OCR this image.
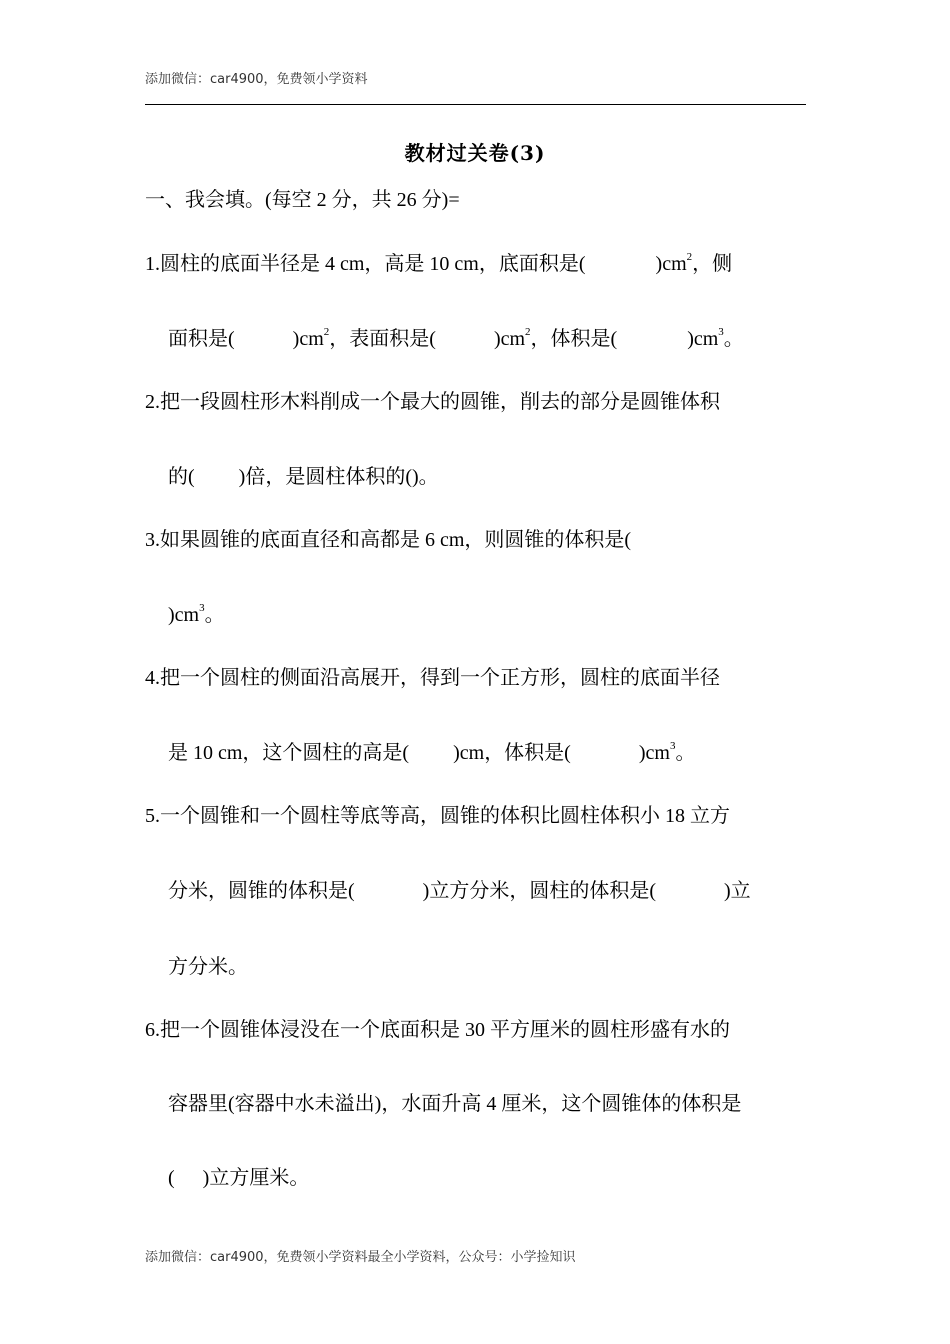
添加微信：car4900，免费领小学资料
教材过关卷(3)
一、我会填。(每空 2 分，共 26 分)=
1.圆柱的底面半径是 4 cm，高是 10 cm，底面积是(	)$cm^2$，侧
面积是(	)$cm^2$，表面积是(	)$cm^2$，体积是(	)$cm^3$。
2.把一段圆柱形木料削成一个最大的圆锥，削去的部分是圆锥体积
的( )倍，是圆柱体积的()。
3.如果圆锥的底面直径和高都是 6 cm，则圆锥的体积是(
)$cm^3$。
4.把一个圆柱的侧面沿高展开，得到一个正方形，圆柱的底面半径
是 10 cm，这个圆柱的高是( )cm，体积是(	)$cm^3$。
5.一个圆锥和一个圆柱等底等高，圆锥的体积比圆柱体积小 18 立方
分米，圆锥的体积是(	)立方分米，圆柱的体积是(	)立
方分米。
6.把一个圆锥体浸没在一个底面积是 30 平方厘米的圆柱形盛有水的
容器里(容器中水未溢出)，水面升高 4 厘米，这个圆锥体的体积是
( )立方厘米。
添加微信：car4900，免费领小学资料最全小学资料，公众号：小学捡知识
